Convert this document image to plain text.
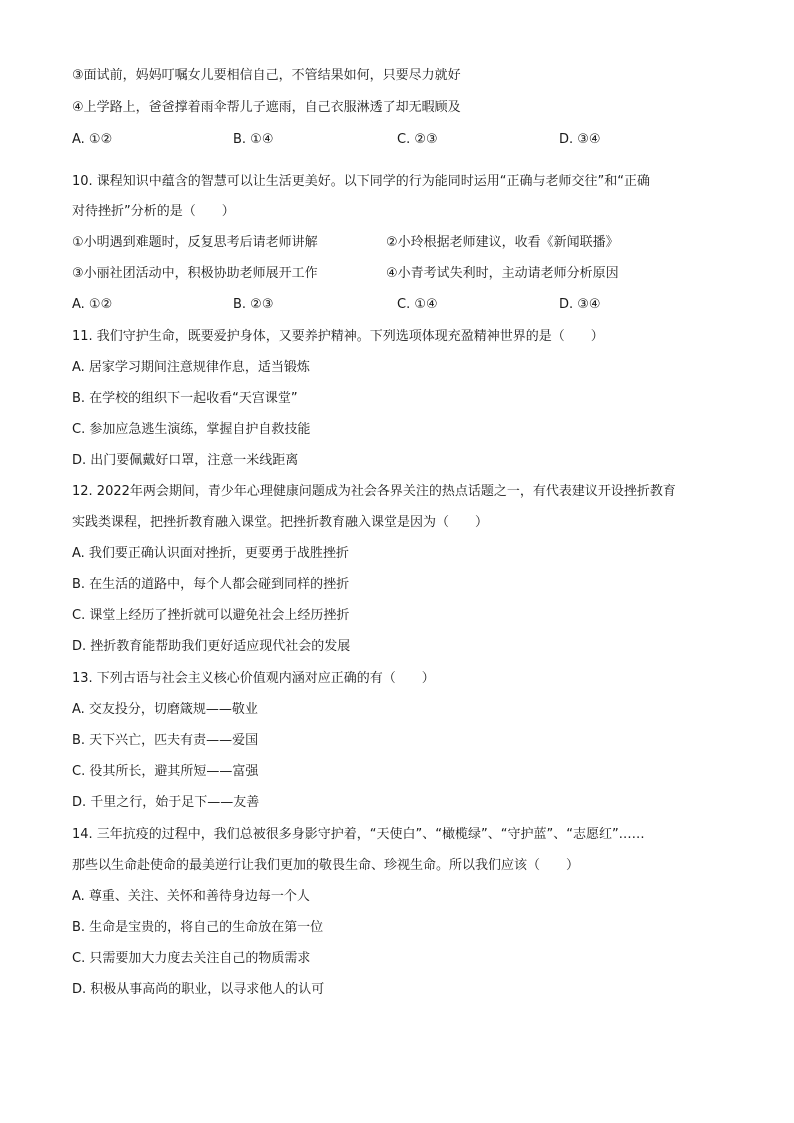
③面试前，妈妈叮嘱女儿要相信自己，不管结果如何，只要尽力就好
④上学路上，爸爸撑着雨伞帮儿子遮雨，自己衣服淋透了却无暇顾及
A. ①②	B. ①④	C. ②③	D. ③④
10. 课程知识中蕴含的智慧可以让生活更美好。以下同学的行为能同时运用“正确与老师交往”和“正确
对待挫折”分析的是（　　）
①小明遇到难题时，反复思考后请老师讲解	②小玲根据老师建议，收看《新闻联播》
③小丽社团活动中，积极协助老师展开工作	④小青考试失利时，主动请老师分析原因
A. ①②	B. ②③	C. ①④	D. ③④
11. 我们守护生命，既要爱护身体，又要养护精神。下列选项体现充盈精神世界的是（　　）
A. 居家学习期间注意规律作息，适当锻炼
B. 在学校的组织下一起收看“天宫课堂”
C. 参加应急逃生演练，掌握自护自救技能
D. 出门要佩戴好口罩，注意一米线距离
12. 2022年两会期间，青少年心理健康问题成为社会各界关注的热点话题之一，有代表建议开设挫折教育
实践类课程，把挫折教育融入课堂。把挫折教育融入课堂是因为（　　）
A. 我们要正确认识面对挫折，更要勇于战胜挫折
B. 在生活的道路中，每个人都会碰到同样的挫折
C. 课堂上经历了挫折就可以避免社会上经历挫折
D. 挫折教育能帮助我们更好适应现代社会的发展
13. 下列古语与社会主义核心价值观内涵对应正确的有（　　）
A. 交友投分，切磨箴规——敬业
B. 天下兴亡，匹夫有责——爱国
C. 役其所长，避其所短——富强
D. 千里之行，始于足下——友善
14. 三年抗疫的过程中，我们总被很多身影守护着，“天使白”、“橄榄绿”、“守护蓝”、“志愿红”……
那些以生命赴使命的最美逆行让我们更加的敬畏生命、珍视生命。所以我们应该（　　）
A. 尊重、关注、关怀和善待身边每一个人
B. 生命是宝贵的，将自己的生命放在第一位
C. 只需要加大力度去关注自己的物质需求
D. 积极从事高尚的职业，以寻求他人的认可
